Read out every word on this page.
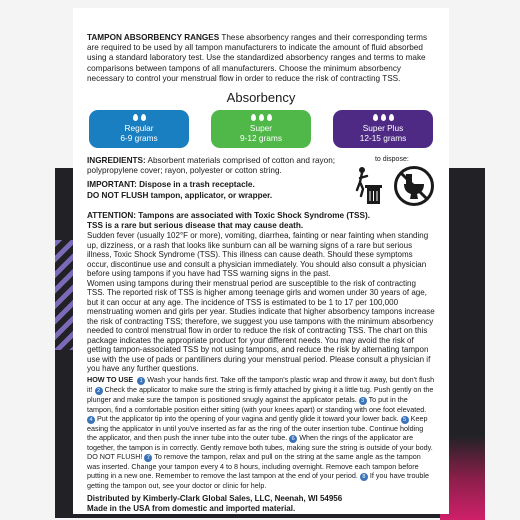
TAMPON ABSORBENCY RANGES These absorbency ranges and their corresponding terms are required to be used by all tampon manufacturers to indicate the amount of fluid absorbed using a standard laboratory test. Use the standardized absorbency ranges and terms to make comparisons between tampons of all manufacturers. Choose the minimum absorbency necessary to control your menstrual flow in order to reduce the risk of contracting TSS.

Absorbency
Regular
6-9 grams
Super
9-12 grams
Super Plus
12-15 grams

INGREDIENTS: Absorbent materials comprised of cotton and rayon; polypropylene cover; rayon, polyester or cotton string.

IMPORTANT: Dispose in a trash receptacle.
DO NOT FLUSH tampon, applicator, or wrapper.

to dispose:

ATTENTION: Tampons are associated with Toxic Shock Syndrome (TSS).
TSS is a rare but serious disease that may cause death.

Sudden fever (usually 102°F or more), vomiting, diarrhea, fainting or near fainting when standing up, dizziness, or a rash that looks like sunburn can all be warning signs of a rare but serious illness, Toxic Shock Syndrome (TSS). This illness can cause death. Should these symptoms occur, discontinue use and consult a physician immediately. You should also consult a physician before using tampons if you have had TSS warning signs in the past.

Women using tampons during their menstrual period are susceptible to the risk of contracting TSS. The reported risk of TSS is higher among teenage girls and women under 30 years of age, but it can occur at any age. The incidence of TSS is estimated to be 1 to 17 per 100,000 menstruating women and girls per year. Studies indicate that higher absorbency tampons increase the risk of contracting TSS; therefore, we suggest you use tampons with the minimum absorbency needed to control menstrual flow in order to reduce the risk of contracting TSS. The chart on this package indicates the appropriate product for your different needs. You may avoid the risk of getting tampon-associated TSS by not using tampons, and reduce the risk by alternating tampon use with the use of pads or pantiliners during your menstrual period. Please consult a physician if you have any further questions.

HOW TO USE 1 Wash your hands first. Take off the tampon's plastic wrap and throw it away, but don't flush it! 2 Check the applicator to make sure the string is firmly attached by giving it a little tug. Push gently on the plunger and make sure the tampon is positioned snugly against the applicator petals. 3 To put in the tampon, find a comfortable position either sitting (with your knees apart) or standing with one foot elevated. 4 Put the applicator tip into the opening of your vagina and gently glide it toward your lower back. 5 Keep easing the applicator in until you've inserted as far as the ring of the outer insertion tube. Continue holding the applicator, and then push the inner tube into the outer tube. 6 When the rings of the applicator are together, the tampon is in correctly. Gently remove both tubes, making sure the string is outside of your body. DO NOT FLUSH! 7 To remove the tampon, relax and pull on the string at the same angle as the tampon was inserted. Change your tampon every 4 to 8 hours, including overnight. Remove each tampon before putting in a new one. Remember to remove the last tampon at the end of your period. 8 If you have trouble getting the tampon out, see your doctor or clinic for help.

Distributed by Kimberly-Clark Global Sales, LLC, Neenah, WI 54956
Made in the USA from domestic and imported material.
